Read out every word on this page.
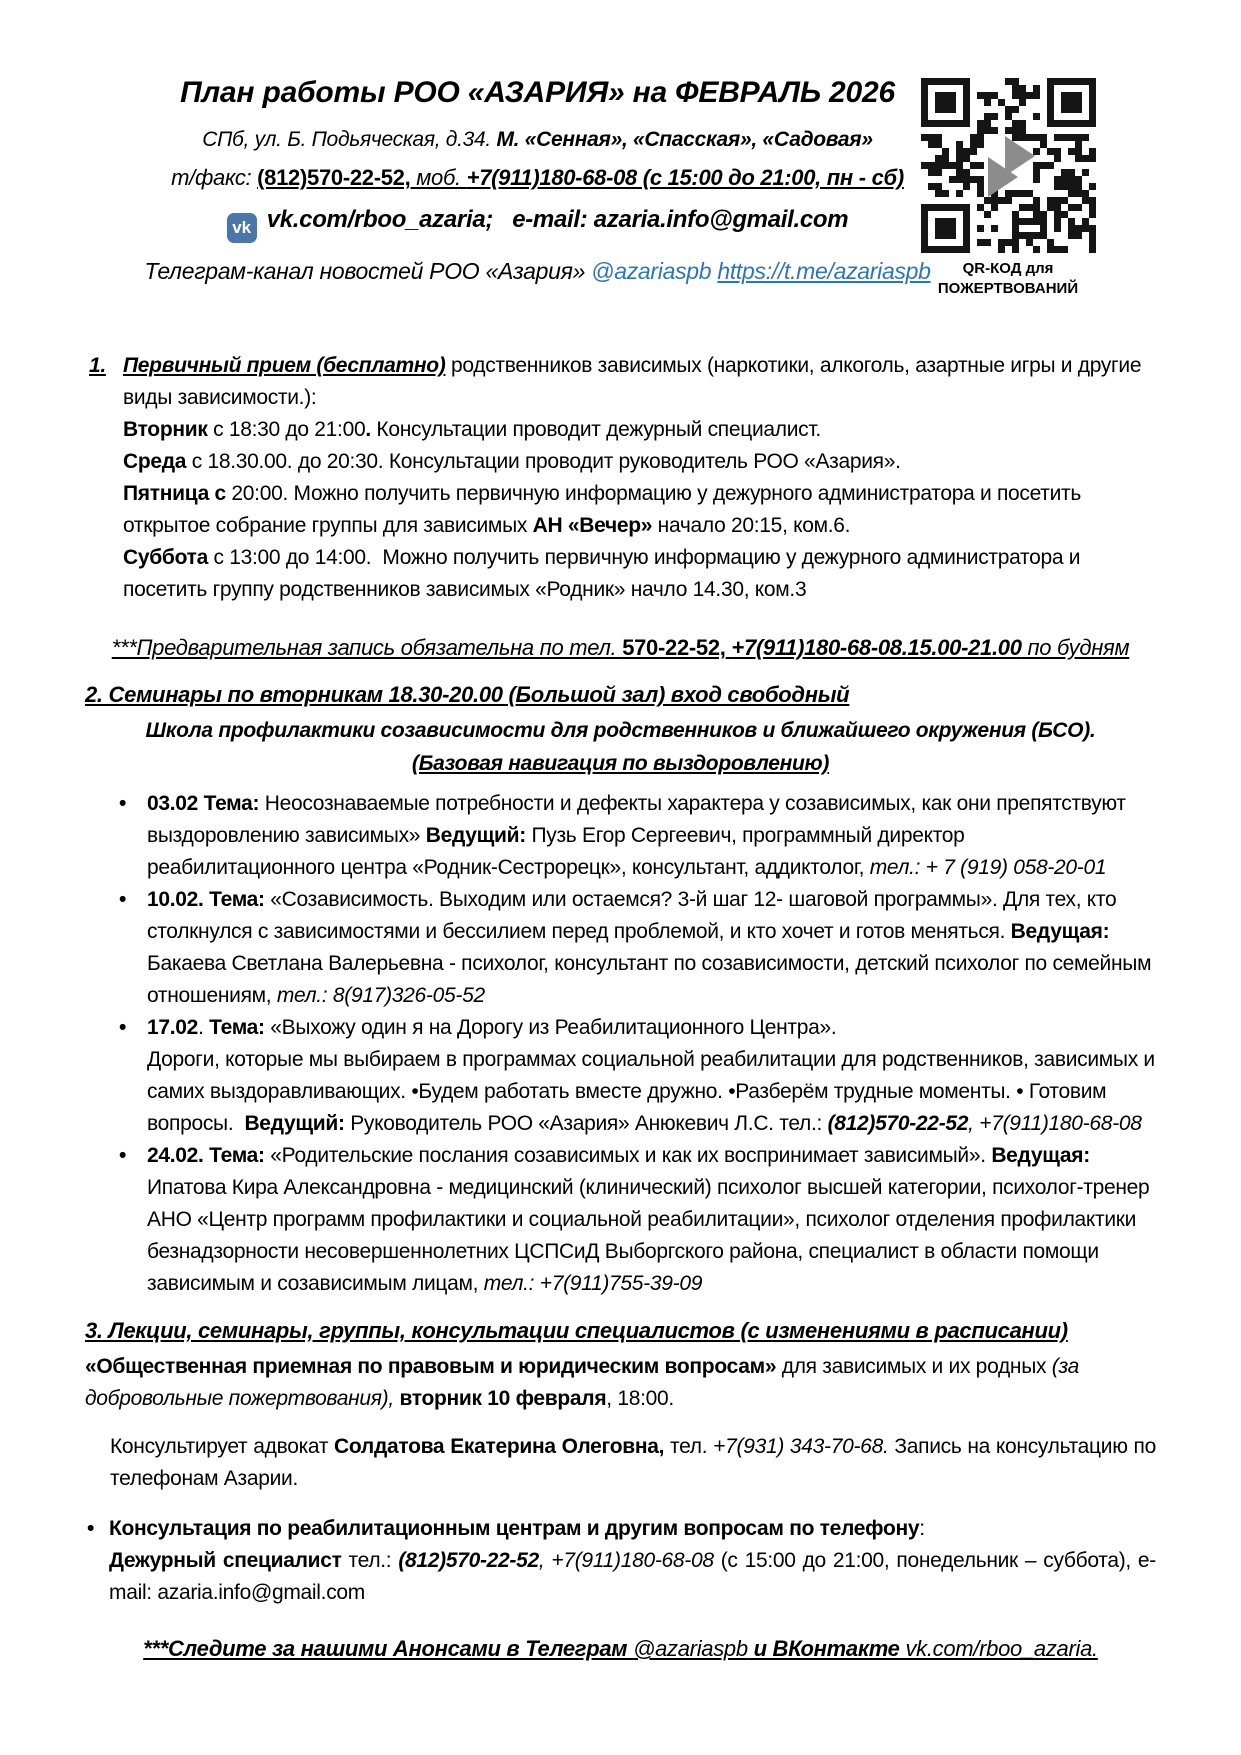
План работы РОО «АЗАРИЯ» на ФЕВРАЛЬ 2026

СПб, ул. Б. Подьяческая, д.34. М. «Сенная», «Спасская», «Садовая»

т/факс: (812)570-22-52, моб. +7(911)180-68-08 (с 15:00 до 21:00, пн - сб)

vk vk.com/rboo_azaria; e-mail: azaria.info@gmail.com

Телеграм-канал новостей РОО «Азария» @azariaspb https://t.me/azariaspb	QR-КОД для ПОЖЕРТВОВАНИЙ
1. Первичный прием (бесплатно) родственников зависимых (наркотики, алкоголь, азартные игры и другие виды зависимости.):

Вторник с 18:30 до 21:00. Консультации проводит дежурный специалист.

Среда с 18.30.00. до 20:30. Консультации проводит руководитель РОО «Азария».

Пятница с 20:00. Можно получить первичную информацию у дежурного администратора и посетить открытое собрание группы для зависимых АН «Вечер» начало 20:15, ком.6.

Суббота с 13:00 до 14:00.  Можно получить первичную информацию у дежурного администратора и посетить группу родственников зависимых «Родник» начло 14.30, ком.3

***Предварительная запись обязательна по тел. 570-22-52, +7(911)180-68-08.15.00-21.00 по будням

2. Семинары по вторникам 18.30-20.00 (Большой зал) вход свободный

Школа профилактики созависимости для родственников и ближайшего окружения (БСО).

(Базовая навигация по выздоровлению)

• 03.02 Тема: Неосознаваемые потребности и дефекты характера у созависимых, как они препятствуют выздоровлению зависимых» Ведущий: Пузь Егор Сергеевич, программный директор реабилитационного центра «Родник-Сестрорецк», консультант, аддиктолог, тел.: + 7 (919) 058-20-01

• 10.02. Тема: «Созависимость. Выходим или остаемся? 3-й шаг 12- шаговой программы». Для тех, кто столкнулся с зависимостями и бессилием перед проблемой, и кто хочет и готов меняться. Ведущая: Бакаева Светлана Валерьевна - психолог, консультант по созависимости, детский психолог по семейным отношениям, тел.: 8(917)326-05-52

• 17.02. Тема: «Выхожу один я на Дорогу из Реабилитационного Центра».
Дороги, которые мы выбираем в программах социальной реабилитации для родственников, зависимых и самих выздоравливающих. •Будем работать вместе дружно. •Разберём трудные моменты. • Готовим вопросы.  Ведущий: Руководитель РОО «Азария» Анюкевич Л.С. тел.: (812)570-22-52, +7(911)180-68-08

• 24.02. Тема: «Родительские послания созависимых и как их воспринимает зависимый». Ведущая: Ипатова Кира Александровна - медицинский (клинический) психолог высшей категории, психолог-тренер АНО «Центр программ профилактики и социальной реабилитации», психолог отделения профилактики безнадзорности несовершеннолетних ЦСПСиД Выборгского района, специалист в области помощи зависимым и созависимым лицам, тел.: +7(911)755-39-09

3. Лекции, семинары, группы, консультации специалистов (с изменениями в расписании)

«Общественная приемная по правовым и юридическим вопросам» для зависимых и их родных (за добровольные пожертвования), вторник 10 февраля, 18:00.

Консультирует адвокат Солдатова Екатерина Олеговна, тел. +7(931) 343-70-68. Запись на консультацию по телефонам Азарии.

• Консультация по реабилитационным центрам и другим вопросам по телефону:

Дежурный специалист тел.: (812)570-22-52, +7(911)180-68-08 (с 15:00 до 21:00, понедельник – суббота), e-mail: azaria.info@gmail.com

***Следите за нашими Анонсами в Телеграм @azariaspb и ВКонтакте vk.com/rboo_azaria.
